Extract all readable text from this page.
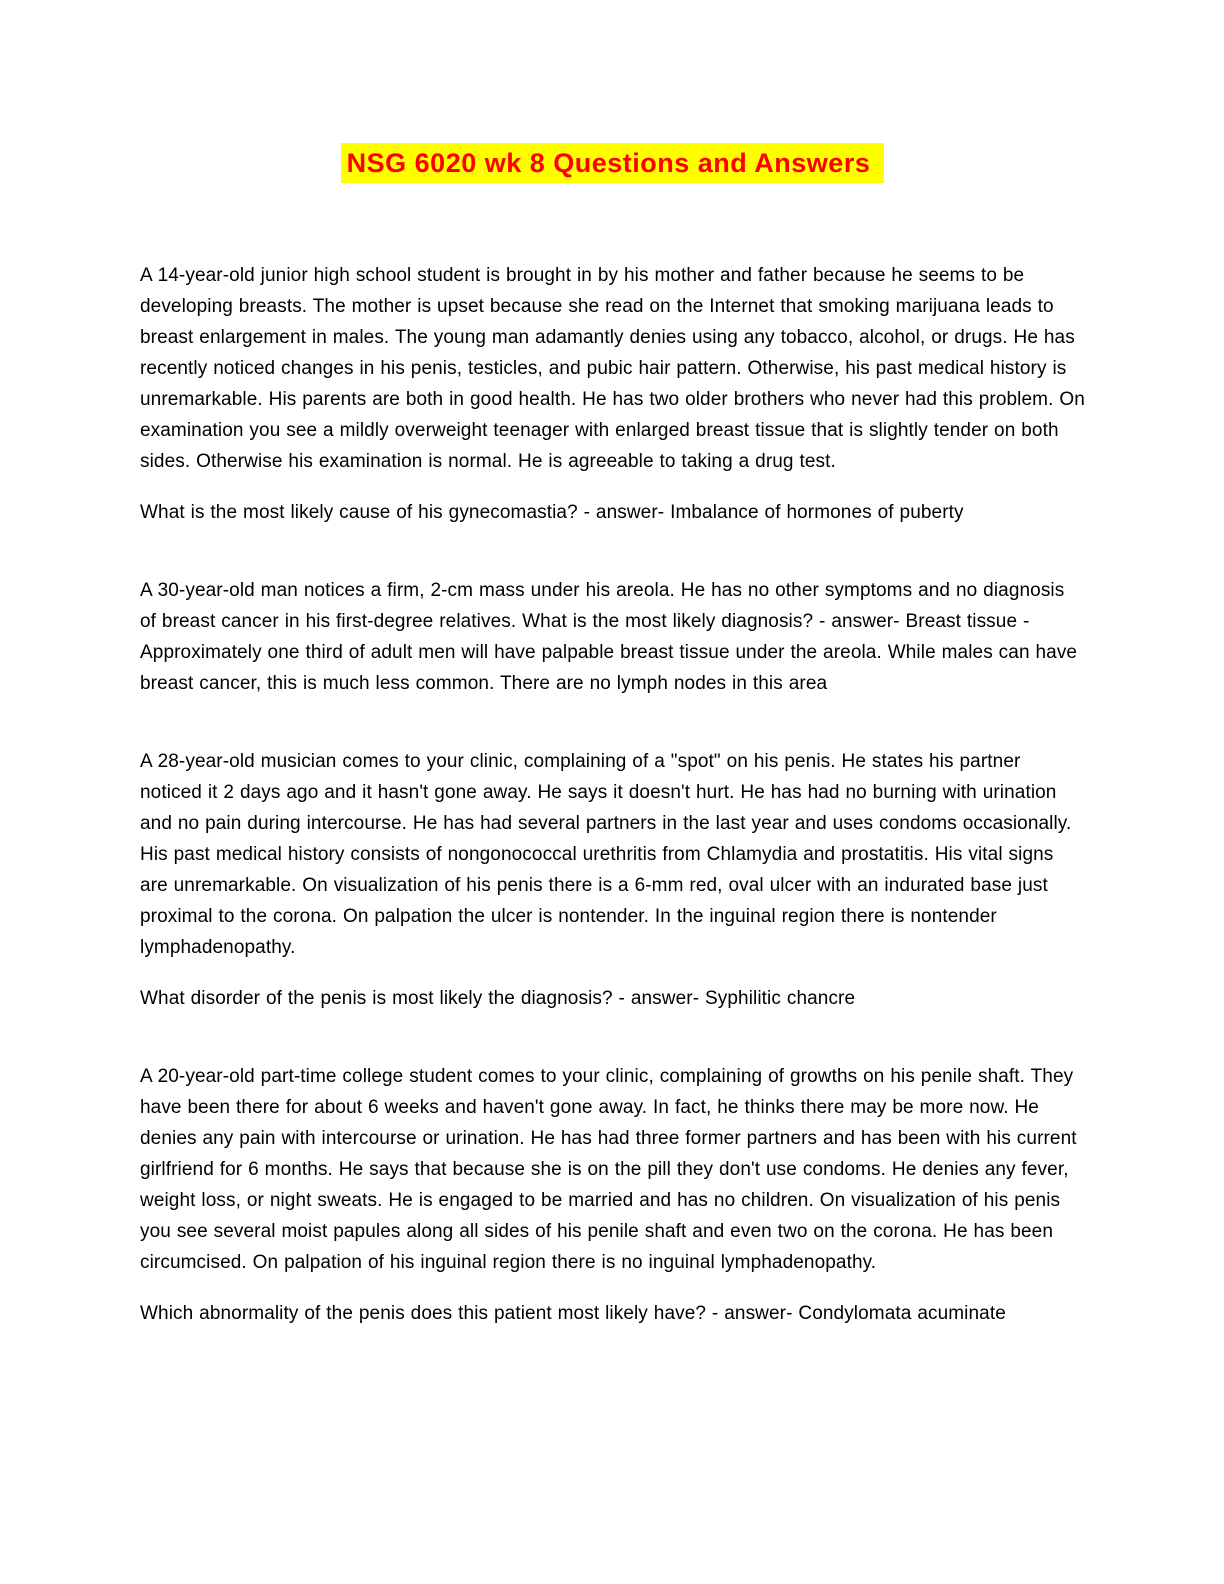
NSG 6020 wk 8 Questions and Answers

A 14-year-old junior high school student is brought in by his mother and father because he seems to be developing breasts. The mother is upset because she read on the Internet that smoking marijuana leads to breast enlargement in males. The young man adamantly denies using any tobacco, alcohol, or drugs. He has recently noticed changes in his penis, testicles, and pubic hair pattern. Otherwise, his past medical history is unremarkable. His parents are both in good health. He has two older brothers who never had this problem. On examination you see a mildly overweight teenager with enlarged breast tissue that is slightly tender on both sides. Otherwise his examination is normal. He is agreeable to taking a drug test.

What is the most likely cause of his gynecomastia? - answer- Imbalance of hormones of puberty

A 30-year-old man notices a firm, 2-cm mass under his areola. He has no other symptoms and no diagnosis of breast cancer in his first-degree relatives. What is the most likely diagnosis? - answer- Breast tissue - Approximately one third of adult men will have palpable breast tissue under the areola. While males can have breast cancer, this is much less common. There are no lymph nodes in this area

A 28-year-old musician comes to your clinic, complaining of a "spot" on his penis. He states his partner noticed it 2 days ago and it hasn't gone away. He says it doesn't hurt. He has had no burning with urination and no pain during intercourse. He has had several partners in the last year and uses condoms occasionally. His past medical history consists of nongonococcal urethritis from Chlamydia and prostatitis. His vital signs are unremarkable. On visualization of his penis there is a 6-mm red, oval ulcer with an indurated base just proximal to the corona. On palpation the ulcer is nontender. In the inguinal region there is nontender lymphadenopathy.

What disorder of the penis is most likely the diagnosis? - answer- Syphilitic chancre

A 20-year-old part-time college student comes to your clinic, complaining of growths on his penile shaft. They have been there for about 6 weeks and haven't gone away. In fact, he thinks there may be more now. He denies any pain with intercourse or urination. He has had three former partners and has been with his current girlfriend for 6 months. He says that because she is on the pill they don't use condoms. He denies any fever, weight loss, or night sweats. He is engaged to be married and has no children. On visualization of his penis you see several moist papules along all sides of his penile shaft and even two on the corona. He has been circumcised. On palpation of his inguinal region there is no inguinal lymphadenopathy.

Which abnormality of the penis does this patient most likely have? - answer- Condylomata acuminate
